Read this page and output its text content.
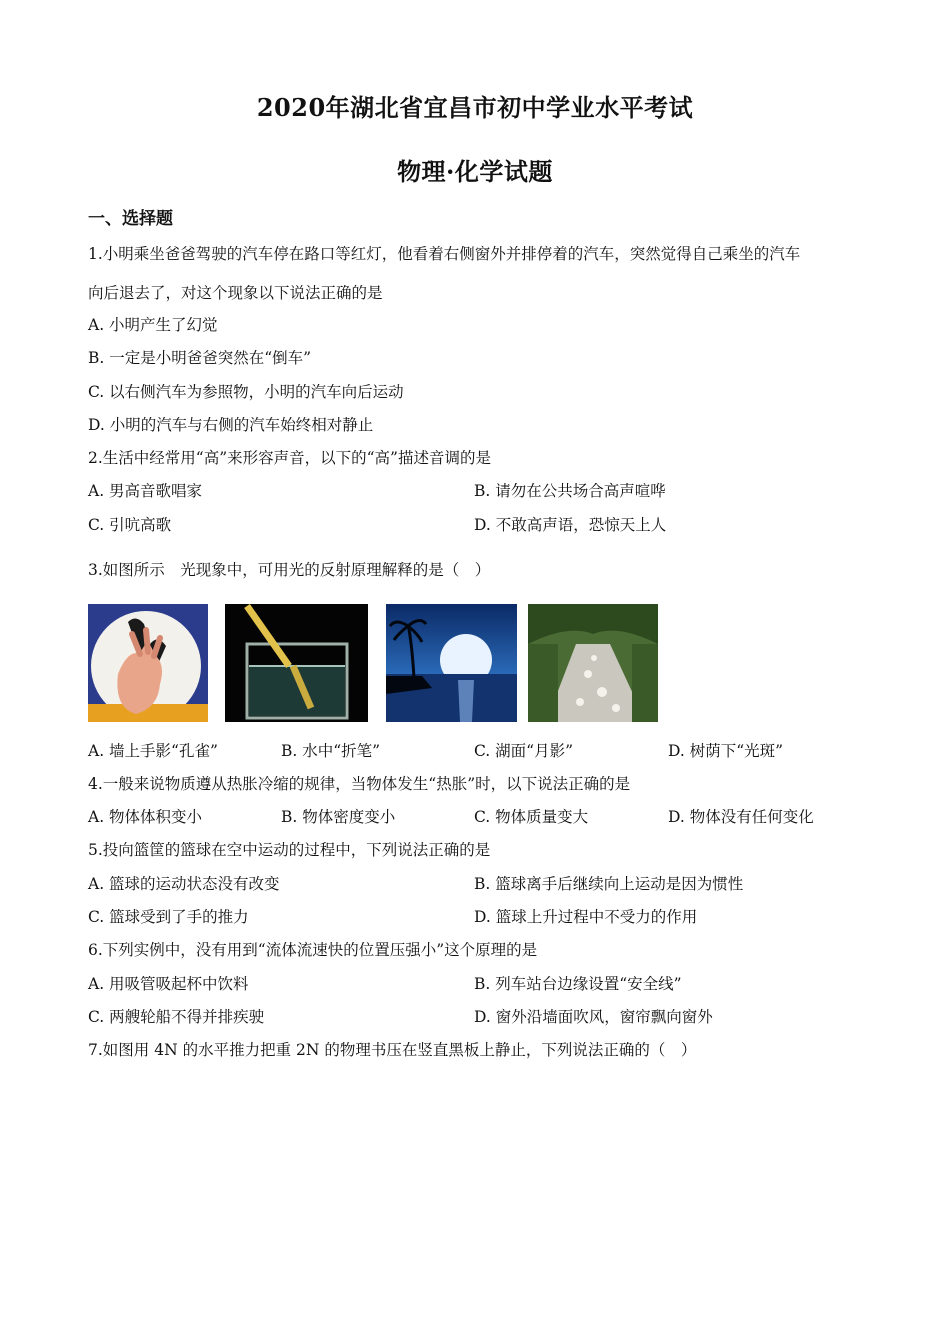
2020年湖北省宜昌市初中学业水平考试
物理·化学试题
一、选择题
1.小明乘坐爸爸驾驶的汽车停在路口等红灯，他看着右侧窗外并排停着的汽车，突然觉得自己乘坐的汽车
向后退去了，对这个现象以下说法正确的是
A. 小明产生了幻觉
B. 一定是小明爸爸突然在“倒车”
C. 以右侧汽车为参照物，小明的汽车向后运动
D. 小明的汽车与右侧的汽车始终相对静止
2.生活中经常用“高”来形容声音，以下的“高”描述音调的是
A. 男高音歌唱家	B. 请勿在公共场合高声喧哗
C. 引吭高歌	D. 不敢高声语，恐惊天上人
3.如图所示　光现象中，可用光的反射原理解释的是（　）
A. 墙上手影“孔雀”	B. 水中“折笔”	C. 湖面“月影”	D. 树荫下“光斑”
4.一般来说物质遵从热胀冷缩的规律，当物体发生“热胀”时，以下说法正确的是
A. 物体体积变小	B. 物体密度变小	C. 物体质量变大	D. 物体没有任何变化
5.投向篮筐的篮球在空中运动的过程中，下列说法正确的是
A. 篮球的运动状态没有改变	B. 篮球离手后继续向上运动是因为惯性
C. 篮球受到了手的推力	D. 篮球上升过程中不受力的作用
6.下列实例中，没有用到“流体流速快的位置压强小”这个原理的是
A. 用吸管吸起杯中饮料	B. 列车站台边缘设置“安全线”
C. 两艘轮船不得并排疾驶	D. 窗外沿墙面吹风，窗帘飘向窗外
7.如图用 4N 的水平推力把重 2N 的物理书压在竖直黑板上静止，下列说法正确的（　）
